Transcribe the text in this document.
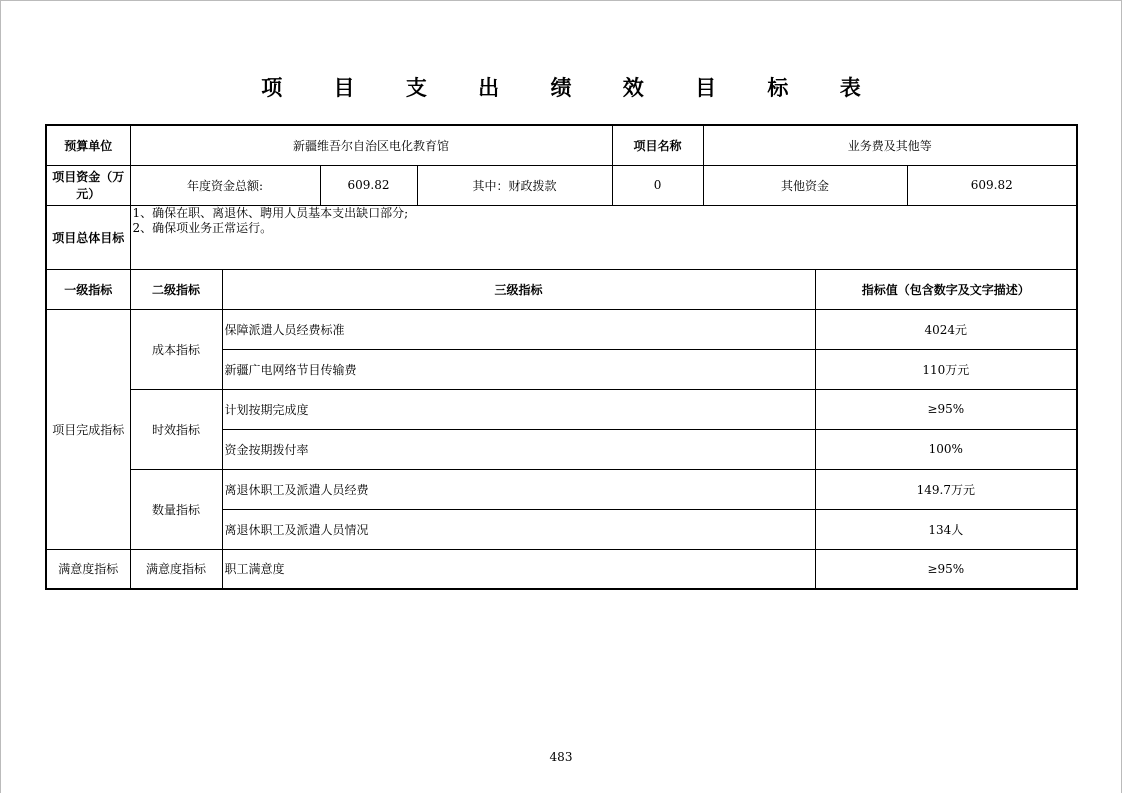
项 目 支 出 绩 效 目 标 表
预算单位	新疆维吾尔自治区电化教育馆				项目名称	业务费及其他等		
项目资金（万元）	年度资金总额:		609.82	其中：财政拨款	0	其他资金		609.82
项目总体目标	1、确保在职、离退休、聘用人员基本支出缺口部分;
2、确保项业务正常运行。							

一级指标	二级指标	三级指标					指标值（包含数字及文字描述）	
项目完成指标	成本指标	保障派遣人员经费标准					4024元	
		新疆广电网络节目传输费					110万元	
	时效指标	计划按期完成度					≥95%	
		资金按期拨付率					100%	
	数量指标	离退休职工及派遣人员经费					149.7万元	
		离退休职工及派遣人员情况					134人	
满意度指标	满意度指标	职工满意度					≥95%	
483
